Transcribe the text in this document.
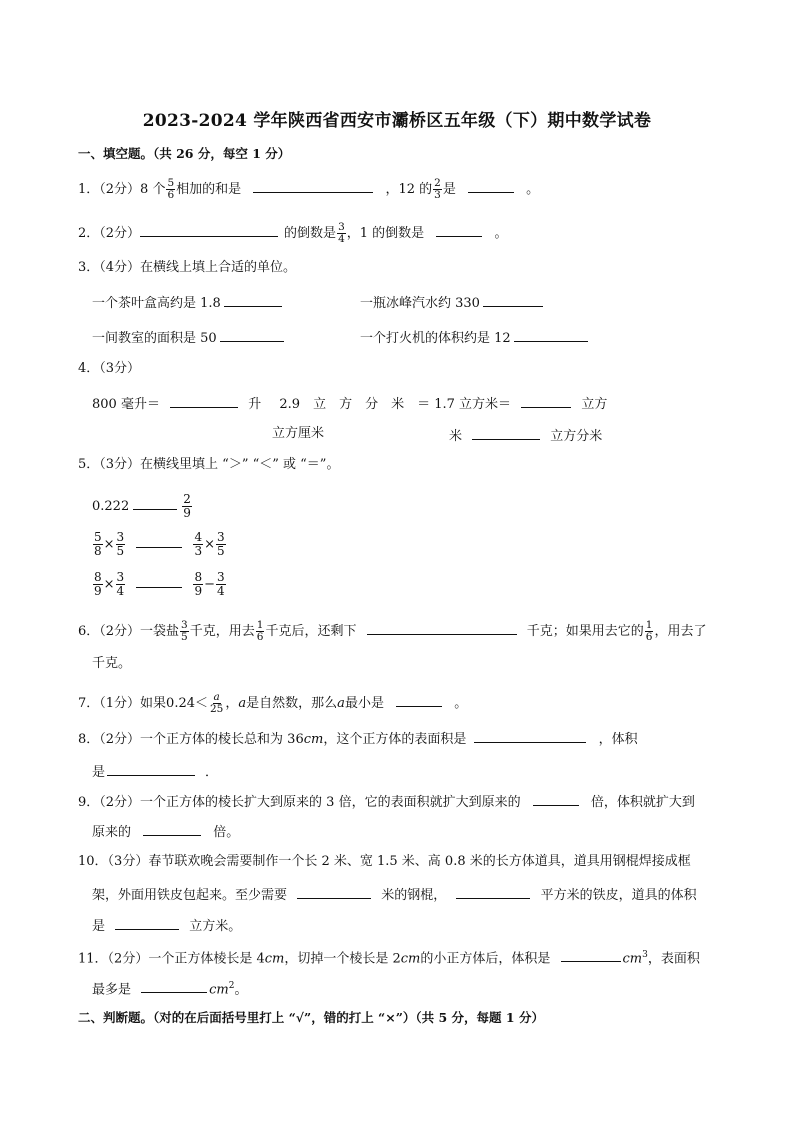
2023-2024 学年陕西省西安市灞桥区五年级（下）期中数学试卷
一、填空题。（共 26 分，每空 1 分）
1．（2分）8 个 $\frac{5}{6}$ 相加的和是	，12 的 $\frac{2}{3}$ 是	。
2．（2分）	的倒数是 $\frac{3}{4}$ ，1 的倒数是	。
3．（4分）在横线上填上合适的单位。
一个茶叶盒高约是 1.8	一瓶冰峰汽水约 330
一间教室的面积是 50	一个打火机的体积约是 12
4．（3分）
800 毫升＝	升 2.9　立　方　分　米　＝ 1.7 立方米＝	立方
立方厘米	米	立方分米
5．（3分）在横线里填上 “＞” “＜” 或 “＝”。
0.222	$\frac{2}{9}$
$\frac{5}{8} \times \frac{3}{5}$
	$\frac{4}{3} \times \frac{3}{5}$
$\frac{8}{9} \times \frac{3}{4}$
	$\frac{8}{9} - \frac{3}{4}$
6．（2分）一袋盐 $\frac{3}{5}$ 千克，用去 $\frac{1}{6}$ 千克后，还剩下	千克；如果用去它的 $\frac{1}{6}$ ，用去了
千克。
7．（1分）如果$0.24< \frac{a}{25}$ ，a是自然数，那么a最小是	。
8．（2分）一个正方体的棱长总和为 36cm，这个正方体的表面积是	，体积
是	．
9．（2分）一个正方体的棱长扩大到原来的 3 倍，它的表面积就扩大到原来的	倍，体积就扩大到
原来的	倍。
10．（3分）春节联欢晚会需要制作一个长 2 米、宽 1.5 米、高 0.8 米的长方体道具，道具用钢棍焊接成框
架，外面用铁皮包起来。至少需要	米的钢棍，	平方米的铁皮，道具的体积
是	立方米。
11．（2分）一个正方体棱长是 4cm，切掉一个棱长是 2cm的小正方体后，体积是	$cm^3$，表面积
最多是	$cm^2$。
二、判断题。（对的在后面括号里打上 “√”，错的打上 “×”）（共 5 分，每题 1 分）
